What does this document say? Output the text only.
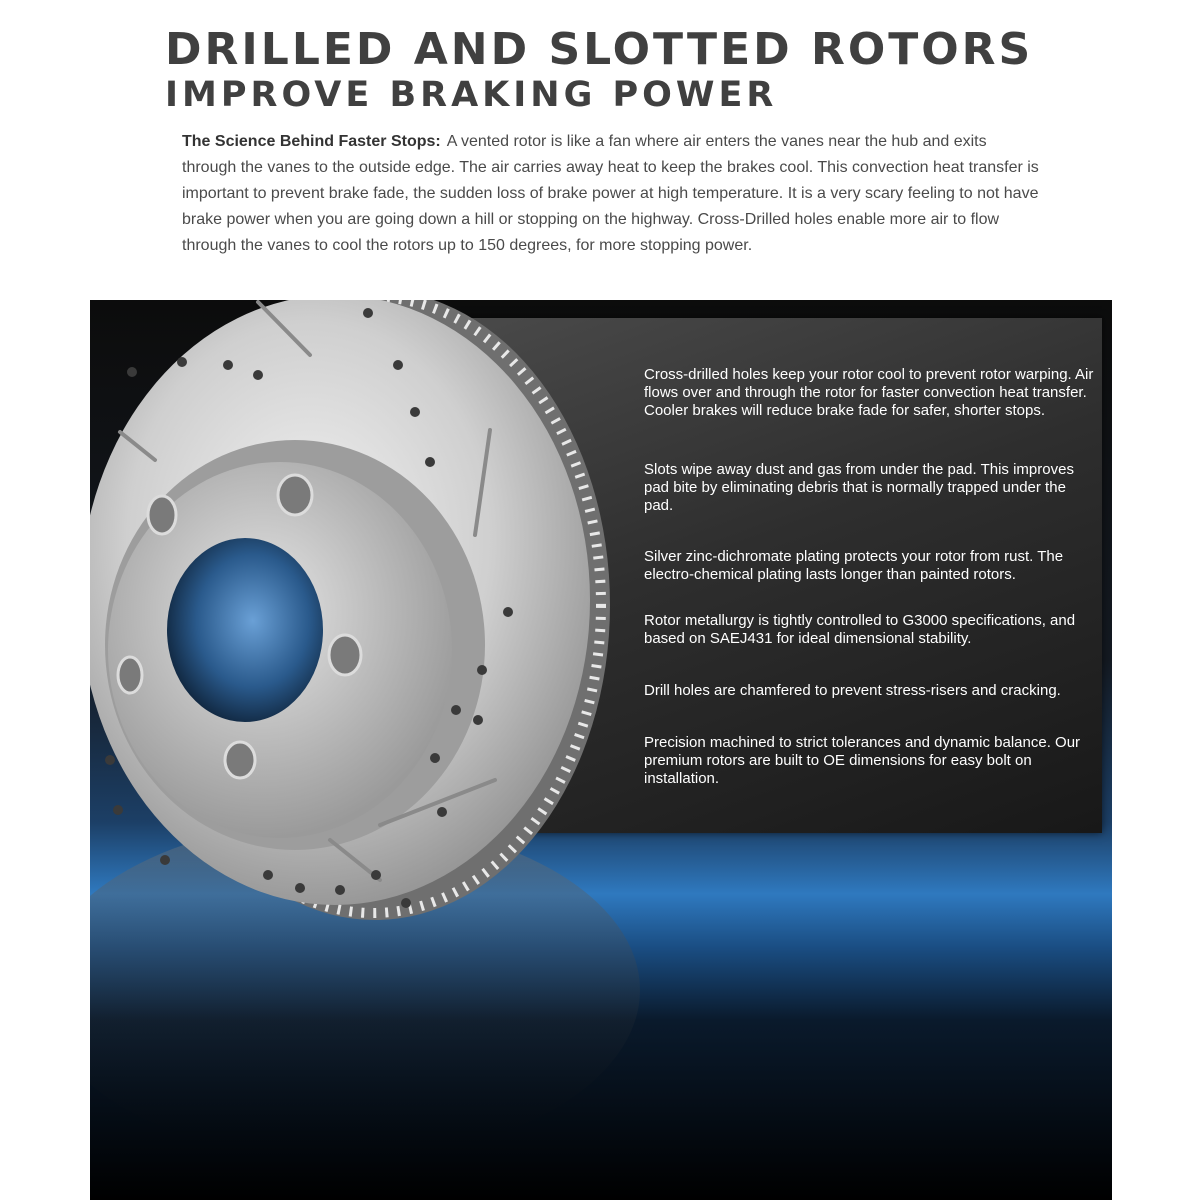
DRILLED AND SLOTTED ROTORS
IMPROVE BRAKING POWER

The Science Behind Faster Stops: A vented rotor is like a fan where air enters the vanes near the hub and exits through the vanes to the outside edge. The air carries away heat to keep the brakes cool. This convection heat transfer is important to prevent brake fade, the sudden loss of brake power at high temperature. It is a very scary feeling to not have brake power when you are going down a hill or stopping on the highway. Cross-Drilled holes enable more air to flow through the vanes to cool the rotors up to 150 degrees, for more stopping power.

Cross-drilled holes keep your rotor cool to prevent rotor warping. Air flows over and through the rotor for faster convection heat transfer. Cooler brakes will reduce brake fade for safer, shorter stops.
Slots wipe away dust and gas from under the pad. This improves pad bite by eliminating debris that is normally trapped under the pad.
Silver zinc-dichromate plating protects your rotor from rust. The electro-chemical plating lasts longer than painted rotors.
Rotor metallurgy is tightly controlled to G3000 specifications, and based on SAEJ431 for ideal dimensional stability.
Drill holes are chamfered to prevent stress-risers and cracking.
Precision machined to strict tolerances and dynamic balance. Our premium rotors are built to OE dimensions for easy bolt on installation.
